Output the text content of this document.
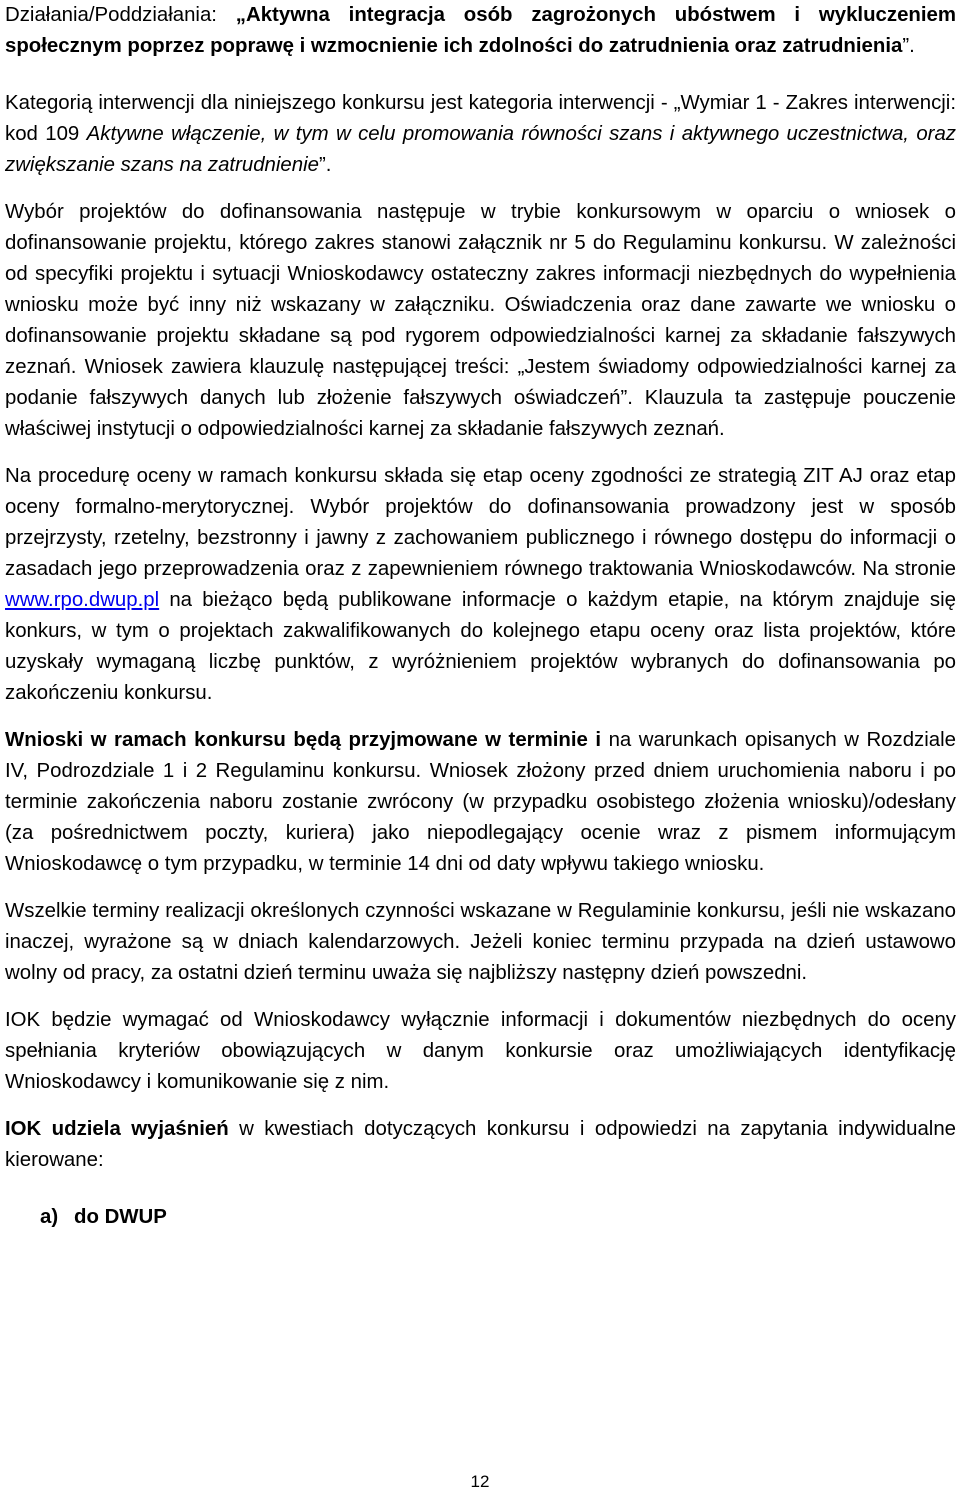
Działania/Poddziałania: „Aktywna integracja osób zagrożonych ubóstwem i wykluczeniem społecznym poprzez poprawę i wzmocnienie ich zdolności do zatrudnienia oraz zatrudnienia”.

Kategorią interwencji dla niniejszego konkursu jest kategoria interwencji - „Wymiar 1 - Zakres interwencji: kod 109 Aktywne włączenie, w tym w celu promowania równości szans i aktywnego uczestnictwa, oraz zwiększanie szans na zatrudnienie”.

Wybór projektów do dofinansowania następuje w trybie konkursowym w oparciu o wniosek o dofinansowanie projektu, którego zakres stanowi załącznik nr 5 do Regulaminu konkursu. W zależności od specyfiki projektu i sytuacji Wnioskodawcy ostateczny zakres informacji niezbędnych do wypełnienia wniosku może być inny niż wskazany w załączniku. Oświadczenia oraz dane zawarte we wniosku o dofinansowanie projektu składane są pod rygorem odpowiedzialności karnej za składanie fałszywych zeznań. Wniosek zawiera klauzulę następującej treści: „Jestem świadomy odpowiedzialności karnej za podanie fałszywych danych lub złożenie fałszywych oświadczeń”. Klauzula ta zastępuje pouczenie właściwej instytucji o odpowiedzialności karnej za składanie fałszywych zeznań.

Na procedurę oceny w ramach konkursu składa się etap oceny zgodności ze strategią ZIT AJ oraz etap oceny formalno-merytorycznej. Wybór projektów do dofinansowania prowadzony jest w sposób przejrzysty, rzetelny, bezstronny i jawny z zachowaniem publicznego i równego dostępu do informacji o zasadach jego przeprowadzenia oraz z zapewnieniem równego traktowania Wnioskodawców. Na stronie www.rpo.dwup.pl na bieżąco będą publikowane informacje o każdym etapie, na którym znajduje się konkurs, w tym o projektach zakwalifikowanych do kolejnego etapu oceny oraz lista projektów, które uzyskały wymaganą liczbę punktów, z wyróżnieniem projektów wybranych do dofinansowania po zakończeniu konkursu.

Wnioski w ramach konkursu będą przyjmowane w terminie i na warunkach opisanych w Rozdziale IV, Podrozdziale 1 i 2 Regulaminu konkursu. Wniosek złożony przed dniem uruchomienia naboru i po terminie zakończenia naboru zostanie zwrócony (w przypadku osobistego złożenia wniosku)/odesłany (za pośrednictwem poczty, kuriera) jako niepodlegający ocenie wraz z pismem informującym Wnioskodawcę o tym przypadku, w terminie 14 dni od daty wpływu takiego wniosku.

Wszelkie terminy realizacji określonych czynności wskazane w Regulaminie konkursu, jeśli nie wskazano inaczej, wyrażone są w dniach kalendarzowych. Jeżeli koniec terminu przypada na dzień ustawowo wolny od pracy, za ostatni dzień terminu uważa się najbliższy następny dzień powszedni.

IOK będzie wymagać od Wnioskodawcy wyłącznie informacji i dokumentów niezbędnych do oceny spełniania kryteriów obowiązujących w danym konkursie oraz umożliwiających identyfikację Wnioskodawcy i komunikowanie się z nim.

IOK udziela wyjaśnień w kwestiach dotyczących konkursu i odpowiedzi na zapytania indywidualne kierowane:

a) do DWUP

12
